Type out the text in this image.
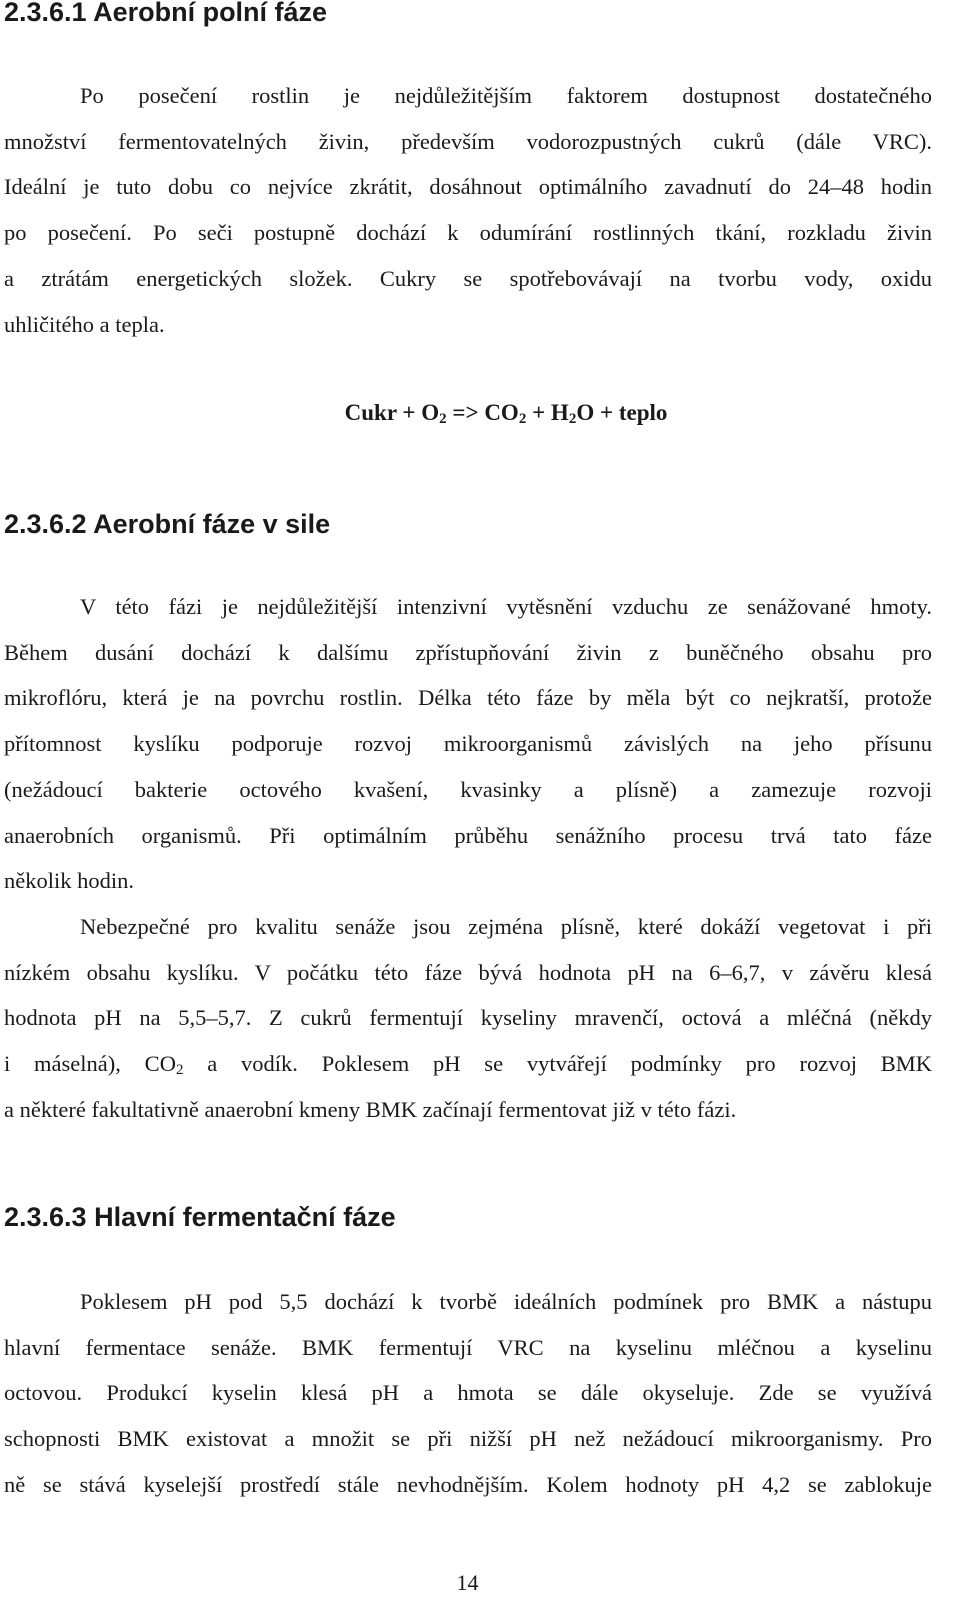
2.3.6.1 Aerobní polní fáze

Po posečení rostlin je nejdůležitějším faktorem dostupnost dostatečného
množství fermentovatelných živin, především vodorozpustných cukrů (dále VRC).
Ideální je tuto dobu co nejvíce zkrátit, dosáhnout optimálního zavadnutí do 24–48 hodin
po posečení. Po seči postupně dochází k odumírání rostlinných tkání, rozkladu živin
a ztrátám energetických složek. Cukry se spotřebovávají na tvorbu vody, oxidu
uhličitého a tepla.

Cukr + $O_2 => CO_2 + H_2O$ + teplo

2.3.6.2 Aerobní fáze v sile

V této fázi je nejdůležitější intenzivní vytěsnění vzduchu ze senážované hmoty.
Během dusání dochází k dalšímu zpřístupňování živin z buněčného obsahu pro
mikroflóru, která je na povrchu rostlin. Délka této fáze by měla být co nejkratší, protože
přítomnost kyslíku podporuje rozvoj mikroorganismů závislých na jeho přísunu
(nežádoucí bakterie octového kvašení, kvasinky a plísně) a zamezuje rozvoji
anaerobních organismů. Při optimálním průběhu senážního procesu trvá tato fáze
několik hodin.

Nebezpečné pro kvalitu senáže jsou zejména plísně, které dokáží vegetovat i při
nízkém obsahu kyslíku. V počátku této fáze bývá hodnota pH na 6–6,7, v závěru klesá
hodnota pH na 5,5–5,7. Z cukrů fermentují kyseliny mravenčí, octová a mléčná (někdy
i máselná), $CO_2$ a vodík. Poklesem pH se vytvářejí podmínky pro rozvoj BMK
a některé fakultativně anaerobní kmeny BMK začínají fermentovat již v této fázi.

2.3.6.3 Hlavní fermentační fáze

Poklesem pH pod 5,5 dochází k tvorbě ideálních podmínek pro BMK a nástupu
hlavní fermentace senáže. BMK fermentují VRC na kyselinu mléčnou a kyselinu
octovou. Produkcí kyselin klesá pH a hmota se dále okyseluje. Zde se využívá
schopnosti BMK existovat a množit se při nižší pH než nežádoucí mikroorganismy. Pro
ně se stává kyselejší prostředí stále nevhodnějším. Kolem hodnoty pH 4,2 se zablokuje

14
